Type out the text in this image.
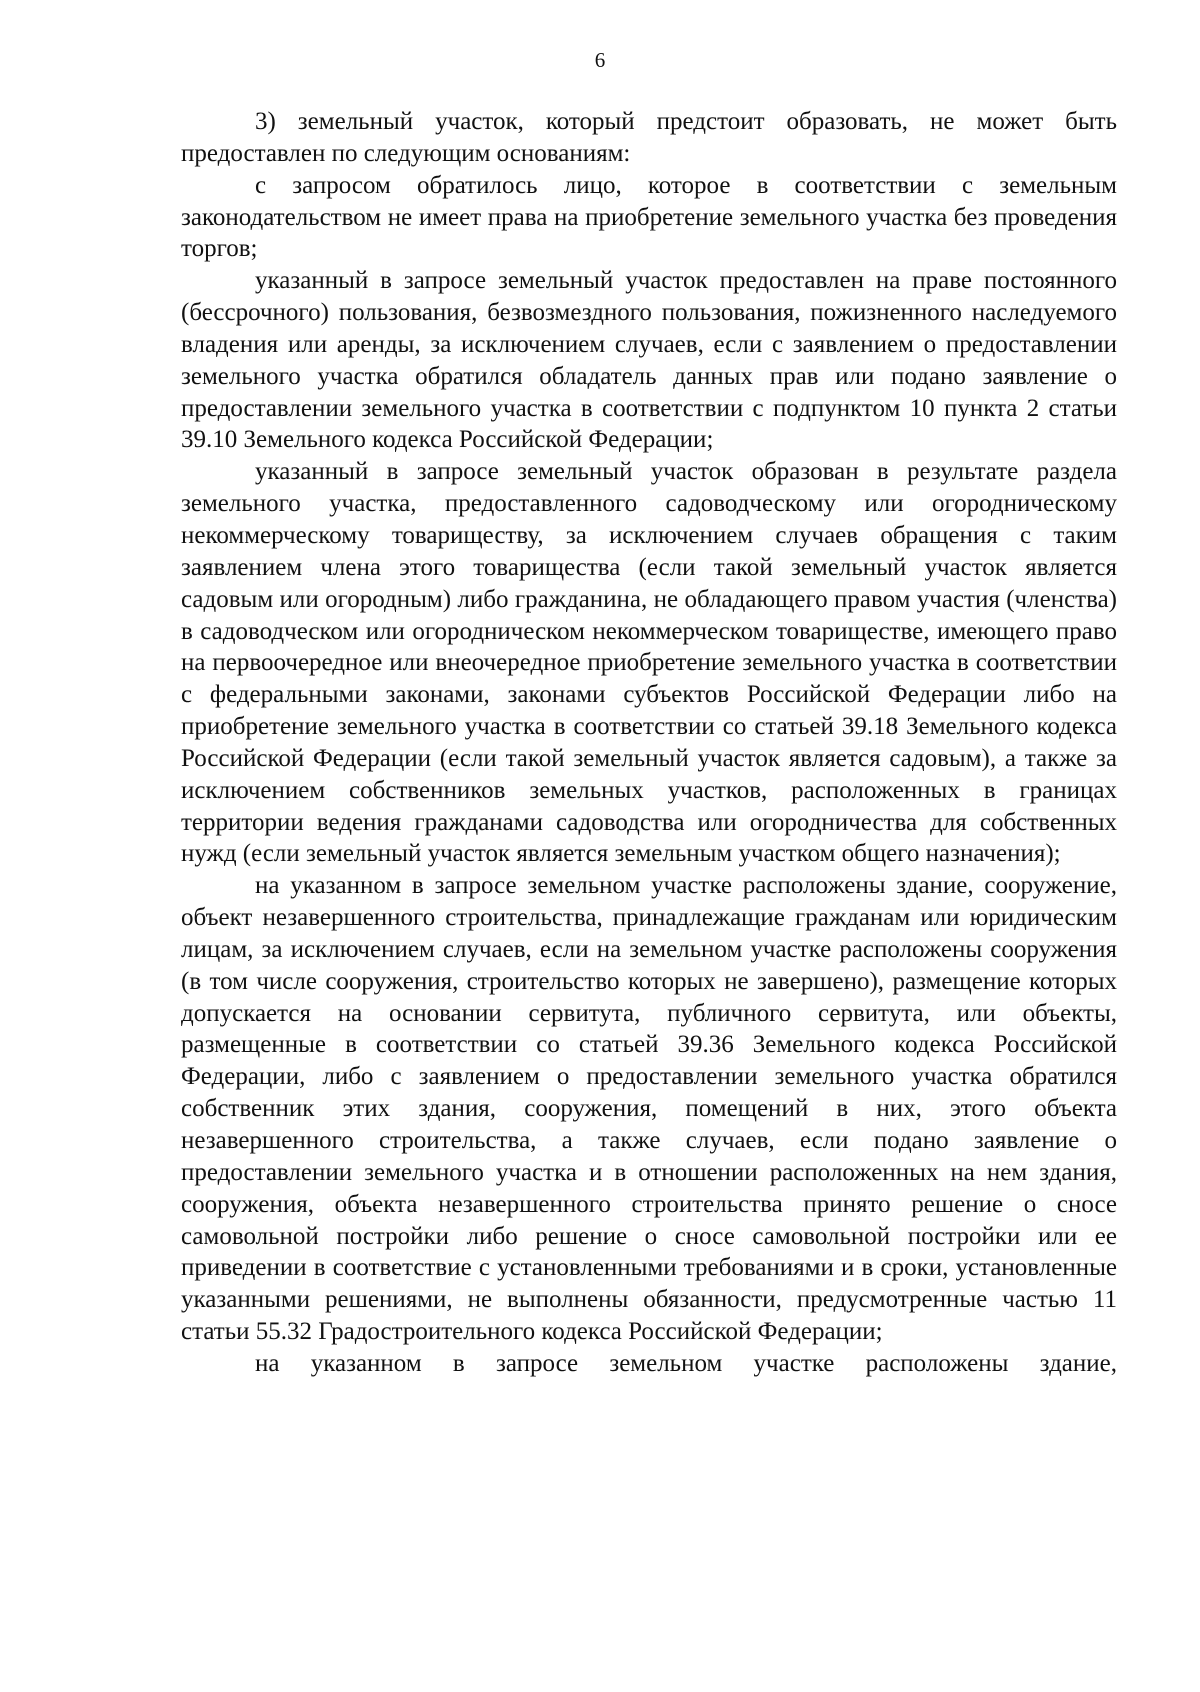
6

3) земельный участок, который предстоит образовать, не может быть предоставлен по следующим основаниям:

с запросом обратилось лицо, которое в соответствии с земельным законодательством не имеет права на приобретение земельного участка без проведения торгов;

указанный в запросе земельный участок предоставлен на праве постоянного (бессрочного) пользования, безвозмездного пользования, пожизненного наследуемого владения или аренды, за исключением случаев, если с заявлением о предоставлении земельного участка обратился обладатель данных прав или подано заявление о предоставлении земельного участка в соответствии с подпунктом 10 пункта 2 статьи 39.10 Земельного кодекса Российской Федерации;

указанный в запросе земельный участок образован в результате раздела земельного участка, предоставленного садоводческому или огородническому некоммерческому товариществу, за исключением случаев обращения с таким заявлением члена этого товарищества (если такой земельный участок является садовым или огородным) либо гражданина, не обладающего правом участия (членства) в садоводческом или огородническом некоммерческом товариществе, имеющего право на первоочередное или внеочередное приобретение земельного участка в соответствии с федеральными законами, законами субъектов Российской Федерации либо на приобретение земельного участка в соответствии со статьей 39.18 Земельного кодекса Российской Федерации (если такой земельный участок является садовым), а также за исключением собственников земельных участков, расположенных в границах территории ведения гражданами садоводства или огородничества для собственных нужд (если земельный участок является земельным участком общего назначения);

на указанном в запросе земельном участке расположены здание, сооружение, объект незавершенного строительства, принадлежащие гражданам или юридическим лицам, за исключением случаев, если на земельном участке расположены сооружения (в том числе сооружения, строительство которых не завершено), размещение которых допускается на основании сервитута, публичного сервитута, или объекты, размещенные в соответствии со статьей 39.36 Земельного кодекса Российской Федерации, либо с заявлением о предоставлении земельного участка обратился собственник этих здания, сооружения, помещений в них, этого объекта незавершенного строительства, а также случаев, если подано заявление о предоставлении земельного участка и в отношении расположенных на нем здания, сооружения, объекта незавершенного строительства принято решение о сносе самовольной постройки либо решение о сносе самовольной постройки или ее приведении в соответствие с установленными требованиями и в сроки, установленные указанными решениями, не выполнены обязанности, предусмотренные частью 11 статьи 55.32 Градостроительного кодекса Российской Федерации;

на указанном в запросе земельном участке расположены здание,
